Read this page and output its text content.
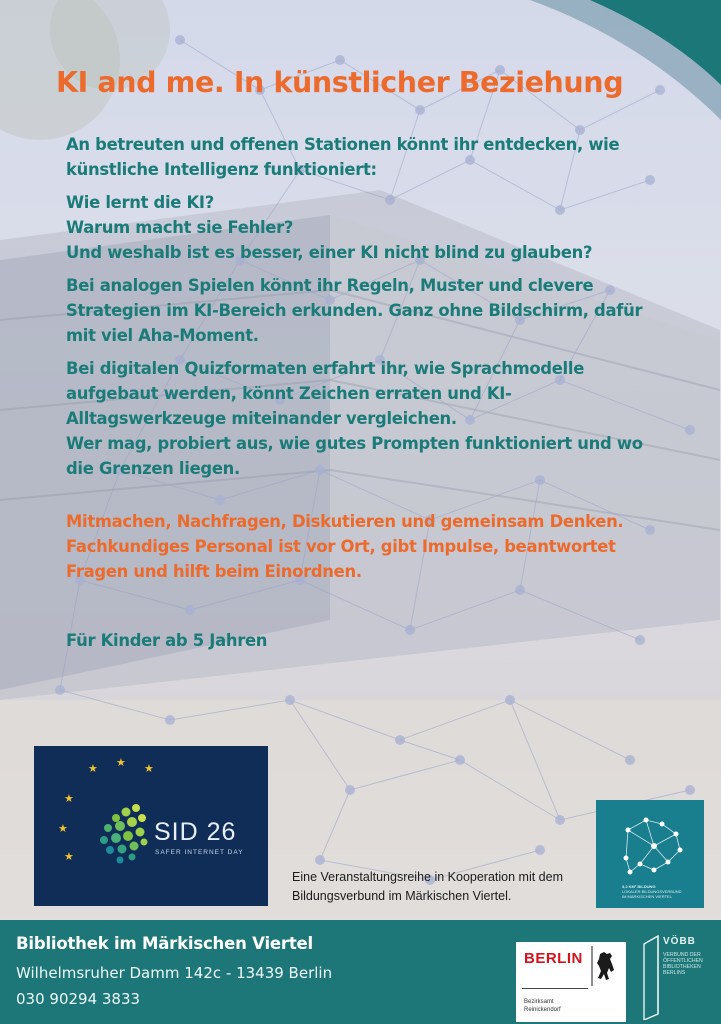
KI and me. In künstlicher Beziehung

An betreuten und offenen Stationen könnt ihr entdecken, wie künstliche Intelligenz funktioniert:

Wie lernt die KI?

Warum macht sie Fehler?

Und weshalb ist es besser, einer KI nicht blind zu glauben?

Bei analogen Spielen könnt ihr Regeln, Muster und clevere Strategien im KI-Bereich erkunden. Ganz ohne Bildschirm, dafür mit viel Aha-Moment.

Bei digitalen Quizformaten erfahrt ihr, wie Sprachmodelle aufgebaut werden, könnt Zeichen erraten und KI-Alltagswerkzeuge miteinander vergleichen.

Wer mag, probiert aus, wie gutes Prompten funktioniert und wo die Grenzen liegen.

Mitmachen, Nachfragen, Diskutieren und gemeinsam Denken. Fachkundiges Personal ist vor Ort, gibt Impulse, beantwortet Fragen und hilft beim Einordnen.

Für Kinder ab 5 Jahren

★ ★ ★
★
★
★
SID 26
SAFER INTERNET DAY
Eine Veranstaltungsreihe in Kooperation mit dem Bildungsverbund im Märkischen Viertel.
3,2 KM² BILDUNG
LOKALER BILDUNGSVERBUND
IM MÄRKISCHEN VIERTEL
Bibliothek im Märkischen Viertel
Wilhelmsruher Damm 142c - 13439 Berlin
030 90294 3833
BERLIN
Bezirksamt
Reinickendorf
VÖBB
VERBUND DER
ÖFFENTLICHEN
BIBLIOTHEKEN
BERLINS
